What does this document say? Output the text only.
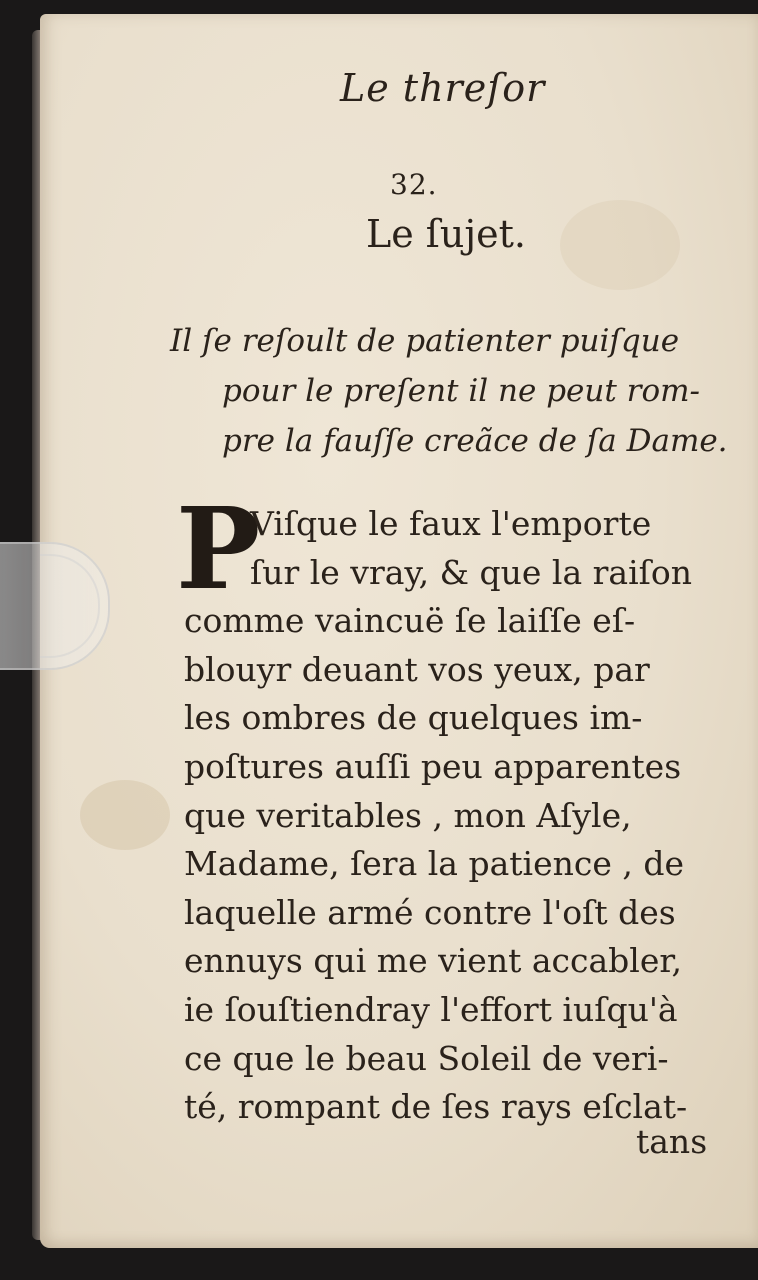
Le threſor
32.
Le ſujet.
Il ſe reſoult de patienter puiſque
pour le preſent il ne peut rom-
pre la fauſſe creãce de ſa Dame.
P
Viſque le faux l'emporte
ſur le vray, & que la raiſon
comme vaincuë ſe laiſſe eſ-
blouyr deuant vos yeux, par
les ombres de quelques im-
poſtures auſſi peu apparentes
que veritables , mon Aſyle,
Madame, ſera la patience , de
laquelle armé contre l'oſt des
ennuys qui me vient accabler,
ie ſouſtiendray l'effort iuſqu'à
ce que le beau Soleil de veri-
té, rompant de ſes rays eſclat-
tans
